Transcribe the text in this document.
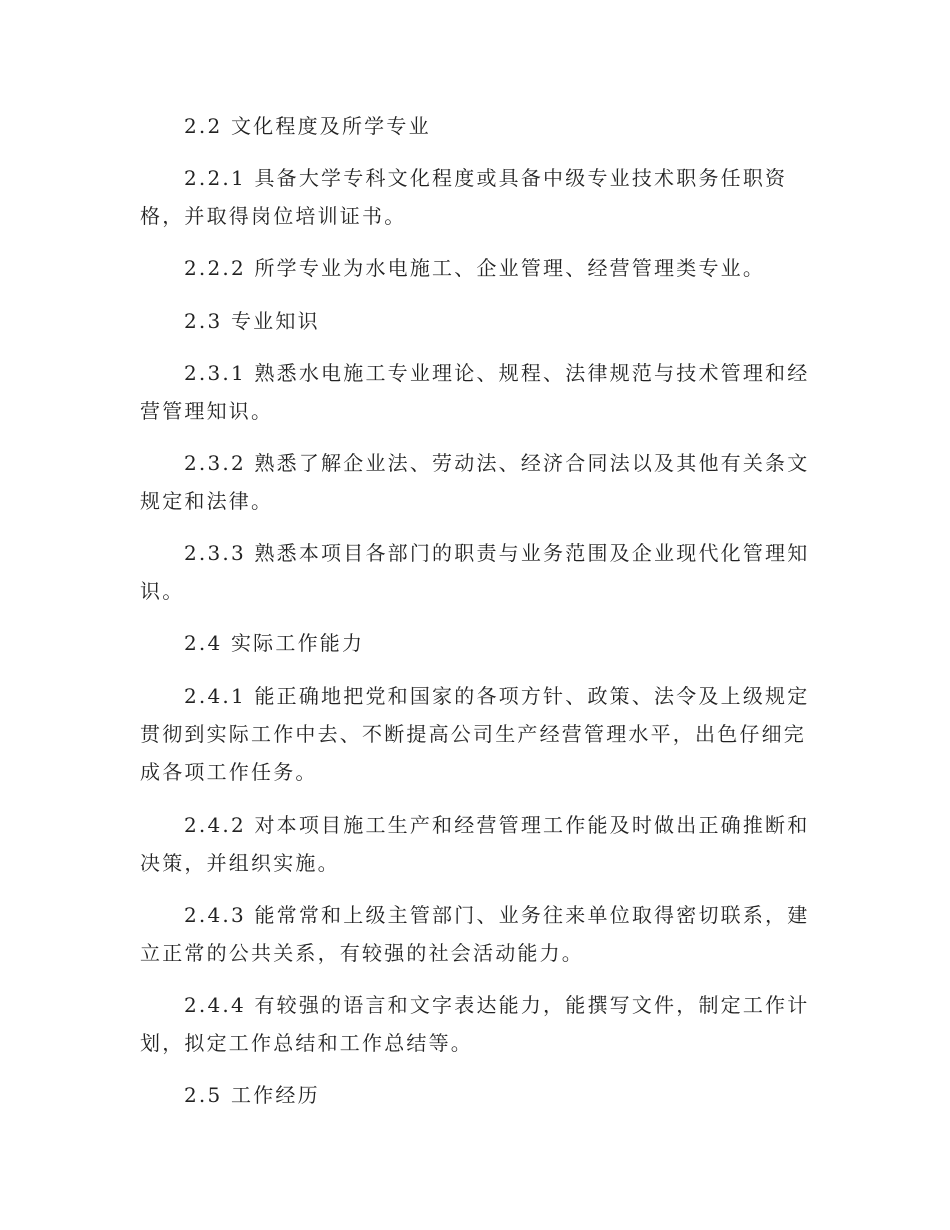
2.2 文化程度及所学专业

2.2.1 具备大学专科文化程度或具备中级专业技术职务任职资格，并取得岗位培训证书。

2.2.2 所学专业为水电施工、企业管理、经营管理类专业。

2.3 专业知识

2.3.1 熟悉水电施工专业理论、规程、法律规范与技术管理和经营管理知识。

2.3.2 熟悉了解企业法、劳动法、经济合同法以及其他有关条文规定和法律。

2.3.3 熟悉本项目各部门的职责与业务范围及企业现代化管理知识。

2.4 实际工作能力

2.4.1 能正确地把党和国家的各项方针、政策、法令及上级规定贯彻到实际工作中去、不断提高公司生产经营管理水平，出色仔细完成各项工作任务。

2.4.2 对本项目施工生产和经营管理工作能及时做出正确推断和决策，并组织实施。

2.4.3 能常常和上级主管部门、业务往来单位取得密切联系，建立正常的公共关系，有较强的社会活动能力。

2.4.4 有较强的语言和文字表达能力，能撰写文件，制定工作计划，拟定工作总结和工作总结等。

2.5 工作经历
